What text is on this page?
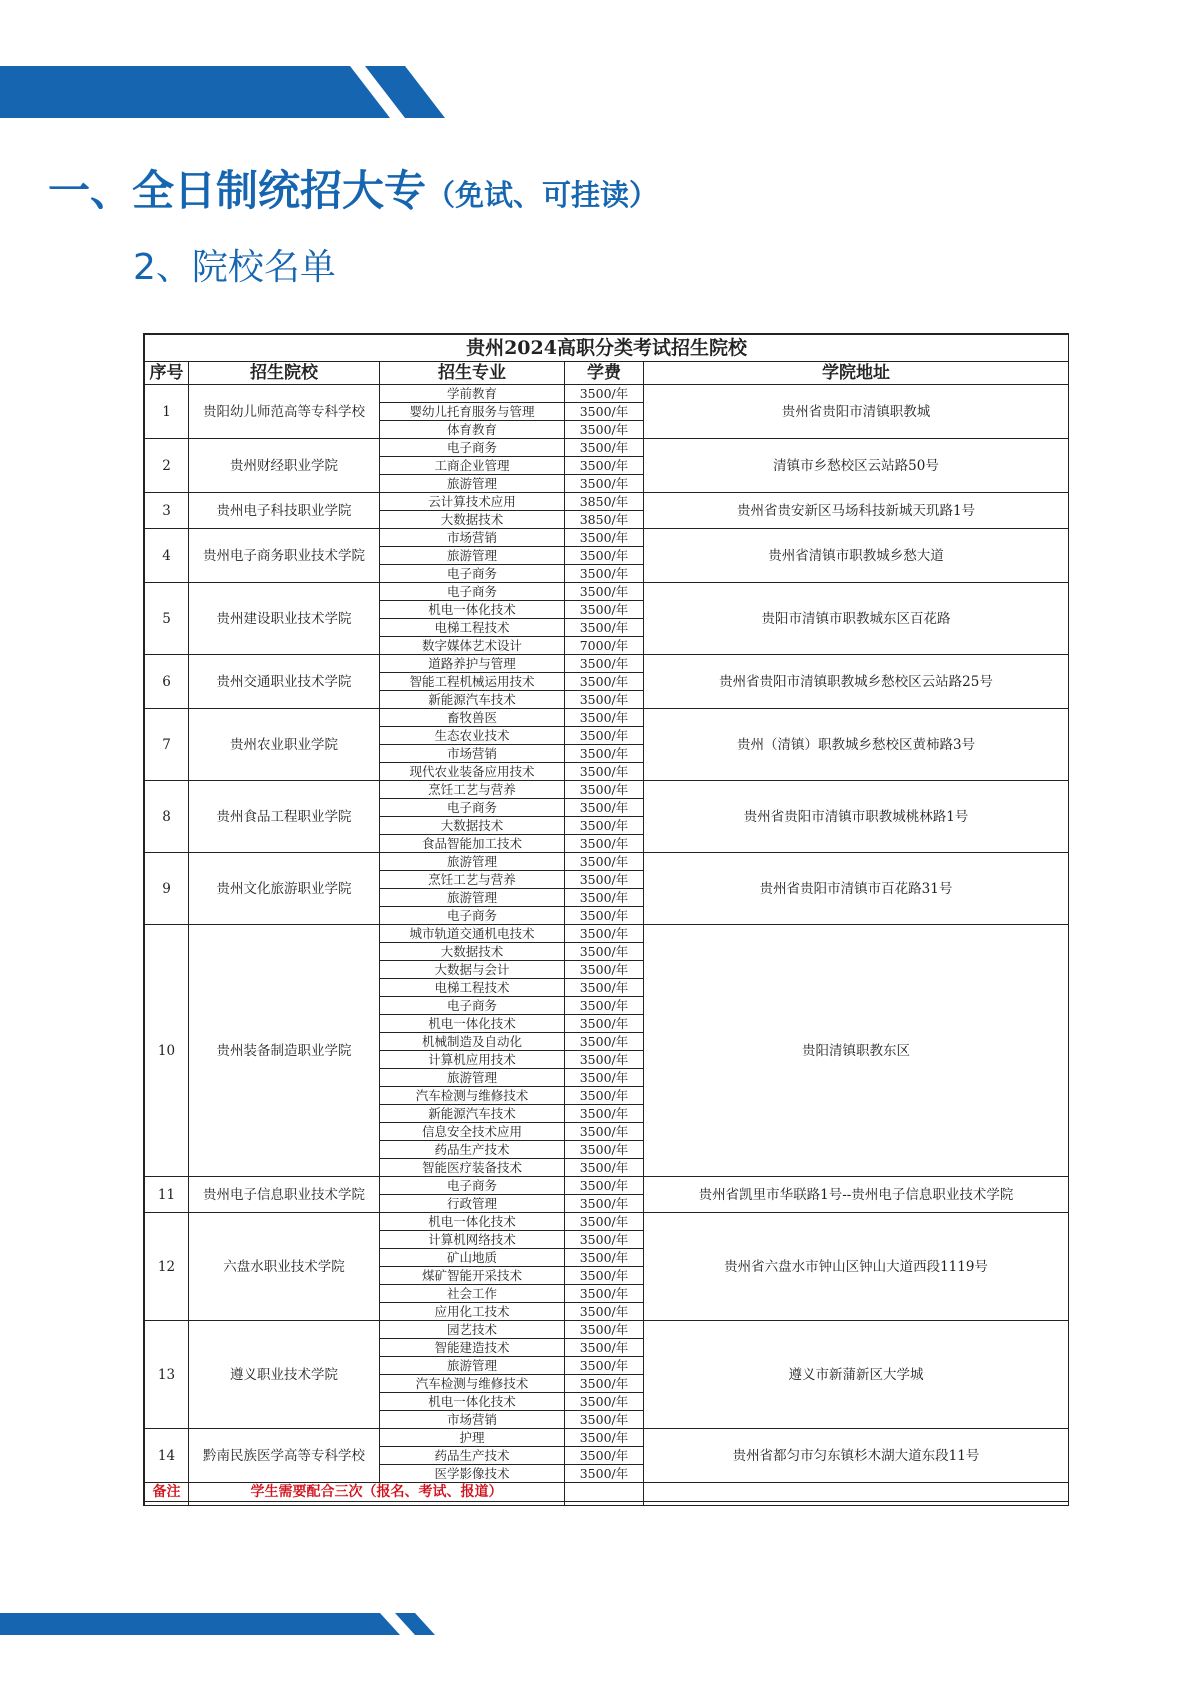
一、全日制统招大专（免试、可挂读）
2、院校名单
贵州2024高职分类考试招生院校				
序号	招生院校	招生专业	学费	学院地址
1	贵阳幼儿师范高等专科学校	学前教育	3500/年	贵州省贵阳市清镇职教城
		婴幼儿托育服务与管理	3500/年	
		体育教育	3500/年	
2	贵州财经职业学院	电子商务	3500/年	清镇市乡愁校区云站路50号
		工商企业管理	3500/年	
		旅游管理	3500/年	
3	贵州电子科技职业学院	云计算技术应用	3850/年	贵州省贵安新区马场科技新城天玑路1号
		大数据技术	3850/年	
4	贵州电子商务职业技术学院	市场营销	3500/年	贵州省清镇市职教城乡愁大道
		旅游管理	3500/年	
		电子商务	3500/年	
5	贵州建设职业技术学院	电子商务	3500/年	贵阳市清镇市职教城东区百花路
		机电一体化技术	3500/年	
		电梯工程技术	3500/年	
		数字媒体艺术设计	7000/年	
6	贵州交通职业技术学院	道路养护与管理	3500/年	贵州省贵阳市清镇职教城乡愁校区云站路25号
		智能工程机械运用技术	3500/年	
		新能源汽车技术	3500/年	
7	贵州农业职业学院	畜牧兽医	3500/年	贵州（清镇）职教城乡愁校区黄柿路3号
		生态农业技术	3500/年	
		市场营销	3500/年	
		现代农业装备应用技术	3500/年	
8	贵州食品工程职业学院	烹饪工艺与营养	3500/年	贵州省贵阳市清镇市职教城桃林路1号
		电子商务	3500/年	
		大数据技术	3500/年	
		食品智能加工技术	3500/年	
9	贵州文化旅游职业学院	旅游管理	3500/年	贵州省贵阳市清镇市百花路31号
		烹饪工艺与营养	3500/年	
		旅游管理	3500/年	
		电子商务	3500/年	
10	贵州装备制造职业学院	城市轨道交通机电技术	3500/年	贵阳清镇职教东区
		大数据技术	3500/年	
		大数据与会计	3500/年	
		电梯工程技术	3500/年	
		电子商务	3500/年	
		机电一体化技术	3500/年	
		机械制造及自动化	3500/年	
		计算机应用技术	3500/年	
		旅游管理	3500/年	
		汽车检测与维修技术	3500/年	
		新能源汽车技术	3500/年	
		信息安全技术应用	3500/年	
		药品生产技术	3500/年	
		智能医疗装备技术	3500/年	
11	贵州电子信息职业技术学院	电子商务	3500/年	贵州省凯里市华联路1号--贵州电子信息职业技术学院
		行政管理	3500/年	
12	六盘水职业技术学院	机电一体化技术	3500/年	贵州省六盘水市钟山区钟山大道西段1119号
		计算机网络技术	3500/年	
		矿山地质	3500/年	
		煤矿智能开采技术	3500/年	
		社会工作	3500/年	
		应用化工技术	3500/年	
13	遵义职业技术学院	园艺技术	3500/年	遵义市新蒲新区大学城
		智能建造技术	3500/年	
		旅游管理	3500/年	
		汽车检测与维修技术	3500/年	
		机电一体化技术	3500/年	
		市场营销	3500/年	
14	黔南民族医学高等专科学校	护理	3500/年	贵州省都匀市匀东镇杉木湖大道东段11号
		药品生产技术	3500/年	
		医学影像技术	3500/年	
备注	学生需要配合三次（报名、考试、报道）			
